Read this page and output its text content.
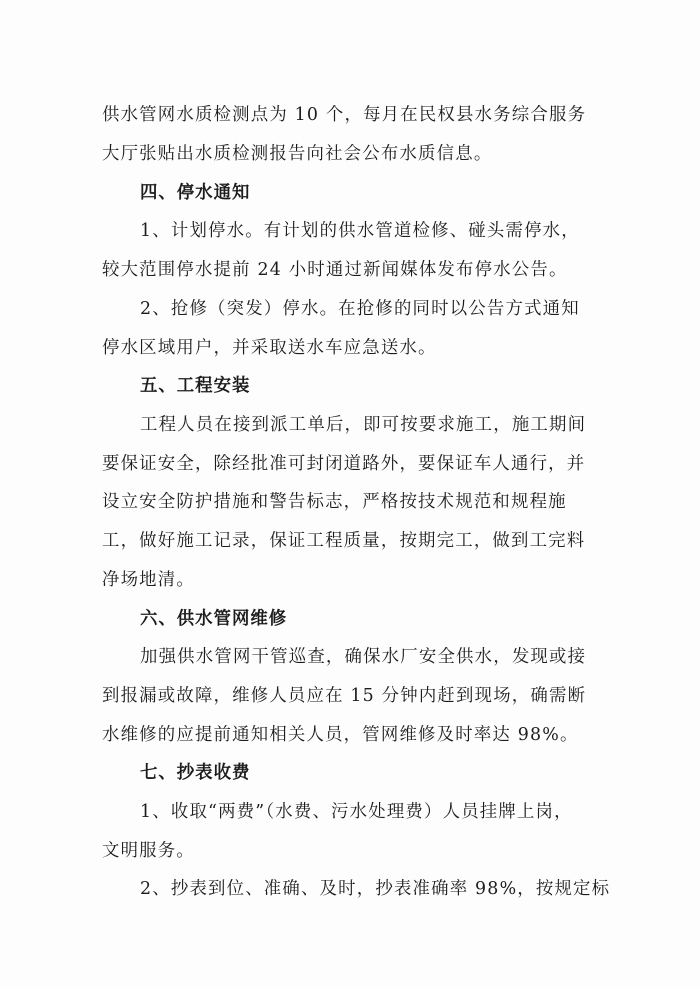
供水管网水质检测点为 10 个，每月在民权县水务综合服务
大厅张贴出水质检测报告向社会公布水质信息。
四、停水通知
1、计划停水。有计划的供水管道检修、碰头需停水，
较大范围停水提前 24 小时通过新闻媒体发布停水公告。
2、抢修（突发）停水。在抢修的同时以公告方式通知
停水区域用户，并采取送水车应急送水。
五、工程安装
工程人员在接到派工单后，即可按要求施工，施工期间
要保证安全，除经批准可封闭道路外，要保证车人通行，并
设立安全防护措施和警告标志，严格按技术规范和规程施
工，做好施工记录，保证工程质量，按期完工，做到工完料
净场地清。
六、供水管网维修
加强供水管网干管巡查，确保水厂安全供水，发现或接
到报漏或故障，维修人员应在 15 分钟内赶到现场，确需断
水维修的应提前通知相关人员，管网维修及时率达 98%。
七、抄表收费
1、收取“两费”（水费、污水处理费）人员挂牌上岗，
文明服务。
2、抄表到位、准确、及时，抄表准确率 98%，按规定标
